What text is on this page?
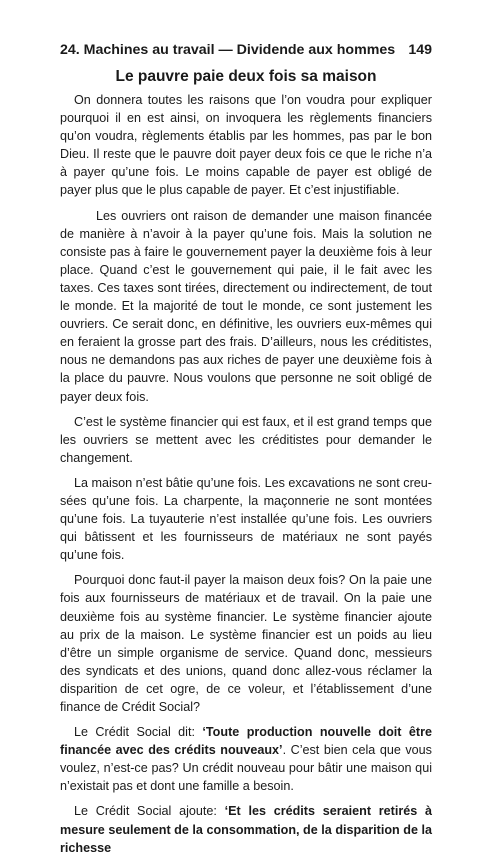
24. Machines au travail — Dividende aux hommes 149
Le pauvre paie deux fois sa maison

On donnera toutes les raisons que l’on voudra pour expliquer pourquoi il en est ainsi, on invoquera les règlements financiers qu’on voudra, règlements établis par les hommes, pas par le bon Dieu. Il reste que le pauvre doit payer deux fois ce que le riche n’a à payer qu’une fois. Le moins capable de payer est obligé de payer plus que le plus capable de payer. Et c’est injustifiable.

Les ouvriers ont raison de demander une maison financée de manière à n’avoir à la payer qu’une fois. Mais la solution ne consiste pas à faire le gouvernement payer la deuxième fois à leur place. Quand c’est le gouvernement qui paie, il le fait avec les taxes. Ces taxes sont tirées, directement ou indirectement, de tout le monde. Et la majorité de tout le monde, ce sont justement les ouvriers. Ce serait donc, en définitive, les ouvriers eux-mêmes qui en feraient la grosse part des frais. D’ailleurs, nous les créditistes, nous ne demandons pas aux riches de payer une deuxième fois à la place du pauvre. Nous voulons que personne ne soit obligé de payer deux fois.

C’est le système financier qui est faux, et il est grand temps que les ouvriers se mettent avec les créditistes pour demander le changement.

La maison n’est bâtie qu’une fois. Les excavations ne sont creusées qu’une fois. La charpente, la maçonnerie ne sont montées qu’une fois. La tuyauterie n’est installée qu’une fois. Les ouvriers qui bâtissent et les fournisseurs de matériaux ne sont payés qu’une fois.

Pourquoi donc faut-il payer la maison deux fois? On la paie une fois aux fournisseurs de matériaux et de travail. On la paie une deuxième fois au système financier. Le système financier ajoute au prix de la maison. Le système financier est un poids au lieu d’être un simple organisme de service. Quand donc, messieurs des syndicats et des unions, quand donc allez-vous réclamer la disparition de cet ogre, de ce voleur, et l’établissement d’une finance de Crédit Social?

Le Crédit Social dit: ‘Toute production nouvelle doit être financée avec des crédits nouveaux’. C’est bien cela que vous voulez, n’est-ce pas? Un crédit nouveau pour bâtir une maison qui n’existait pas et dont une famille a besoin.

Le Crédit Social ajoute: ‘Et les crédits seraient retirés à mesure seulement de la consommation, de la disparition de la richesse
